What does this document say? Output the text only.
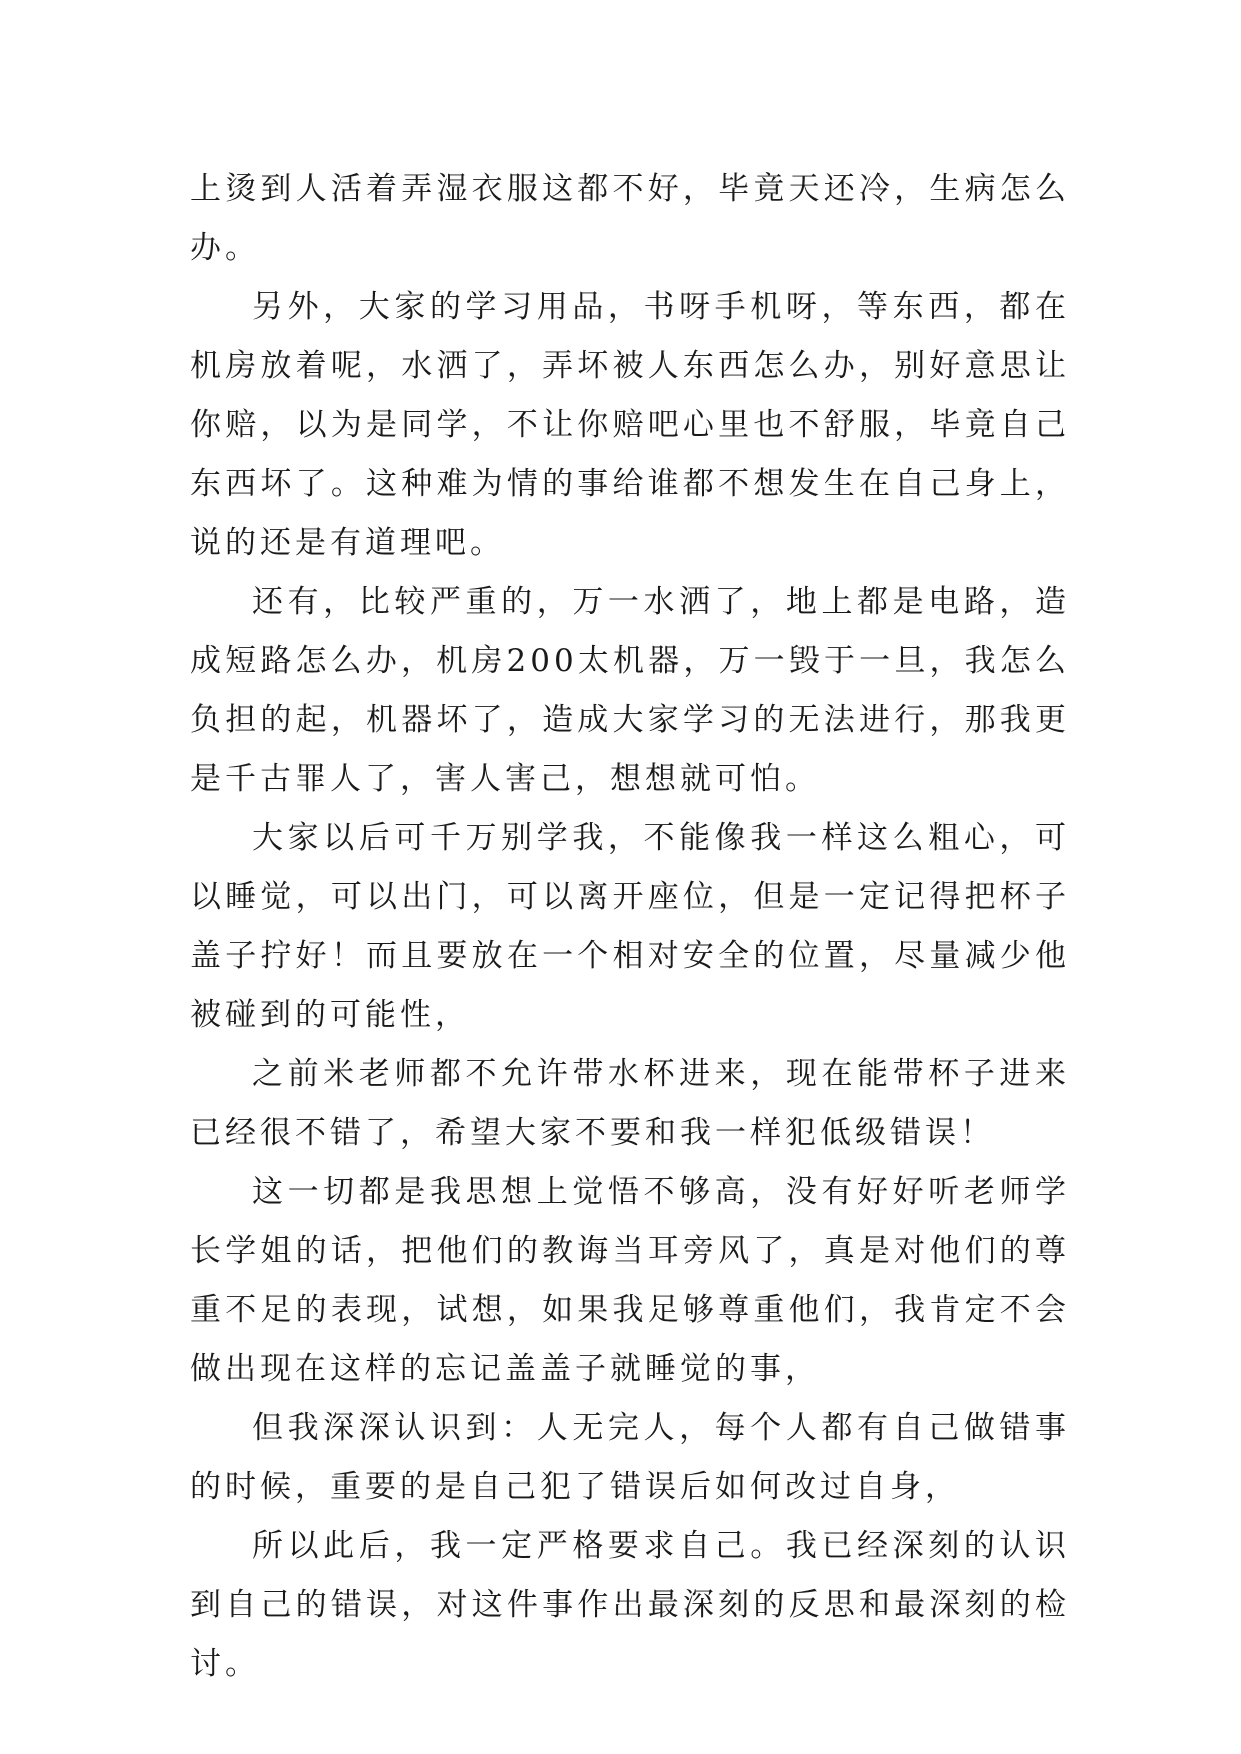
上烫到人活着弄湿衣服这都不好，毕竟天还冷，生病怎么办。

另外，大家的学习用品，书呀手机呀，等东西，都在机房放着呢，水洒了，弄坏被人东西怎么办，别好意思让你赔，以为是同学，不让你赔吧心里也不舒服，毕竟自己东西坏了。这种难为情的事给谁都不想发生在自己身上，说的还是有道理吧。

还有，比较严重的，万一水洒了，地上都是电路，造成短路怎么办，机房200太机器，万一毁于一旦，我怎么负担的起，机器坏了，造成大家学习的无法进行，那我更是千古罪人了，害人害己，想想就可怕。

大家以后可千万别学我，不能像我一样这么粗心，可以睡觉，可以出门，可以离开座位，但是一定记得把杯子盖子拧好！而且要放在一个相对安全的位置，尽量减少他被碰到的可能性，

之前米老师都不允许带水杯进来，现在能带杯子进来已经很不错了，希望大家不要和我一样犯低级错误！

这一切都是我思想上觉悟不够高，没有好好听老师学长学姐的话，把他们的教诲当耳旁风了，真是对他们的尊重不足的表现，试想，如果我足够尊重他们，我肯定不会做出现在这样的忘记盖盖子就睡觉的事，

但我深深认识到：人无完人，每个人都有自己做错事的时候，重要的是自己犯了错误后如何改过自身，

所以此后，我一定严格要求自己。我已经深刻的认识到自己的错误，对这件事作出最深刻的反思和最深刻的检讨。
